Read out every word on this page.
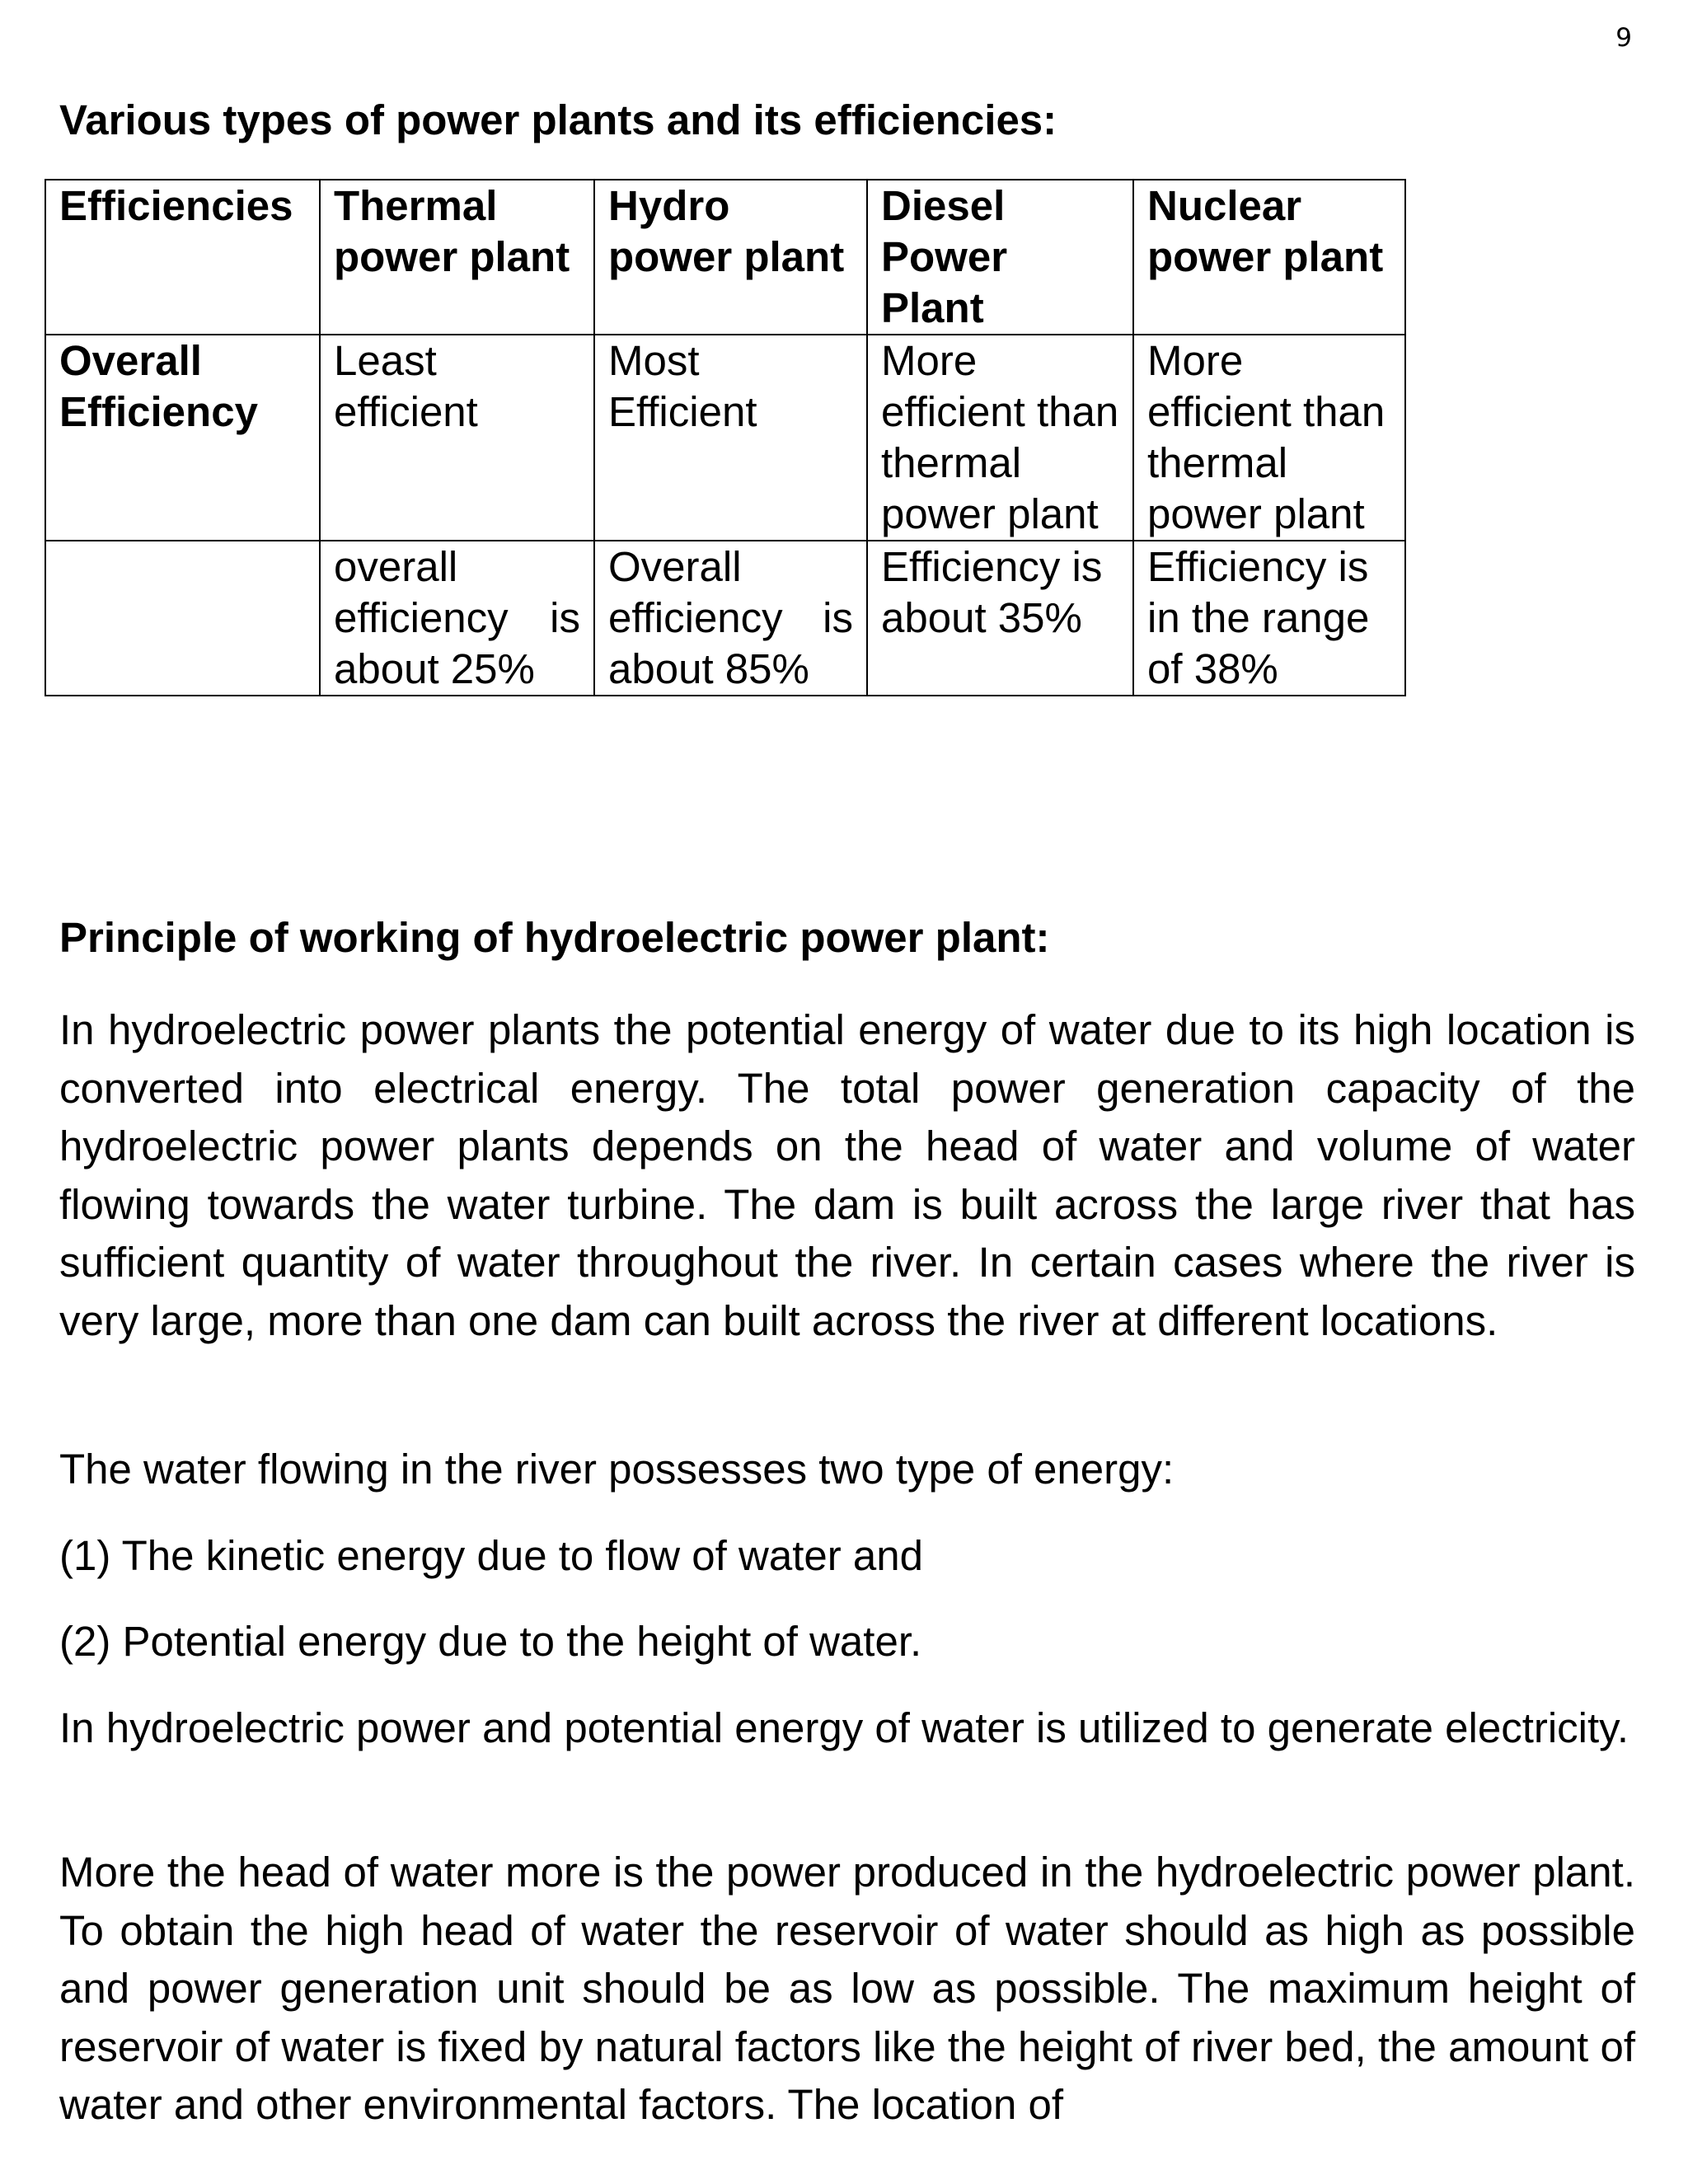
9
Various types of power plants and its efficiencies:
Efficiencies	Thermal power plant	Hydro power plant	Diesel Power Plant	Nuclear power plant
Overall Efficiency	Least efficient	Most Efficient	More efficient than thermal power plant	More efficient than thermal power plant
	overall efficiency is about 25%	Overall efficiency is about 85%	Efficiency is about 35%	Efficiency is in the range of 38%
Principle of working of hydroelectric power plant:

In hydroelectric power plants the potential energy of water due to its high location is converted into electrical energy. The total power generation capacity of the hydroelectric power plants depends on the head of water and volume of water flowing towards the water turbine. The dam is built across the large river that has sufficient quantity of water throughout the river. In certain cases where the river is very large, more than one dam can built across the river at different locations.

The water flowing in the river possesses two type of energy:

(1) The kinetic energy due to flow of water and

(2) Potential energy due to the height of water.

In hydroelectric power and potential energy of water is utilized to generate electricity.

More the head of water more is the power produced in the hydroelectric power plant. To obtain the high head of water the reservoir of water should as high as possible and power generation unit should be as low as possible. The maximum height of reservoir of water is fixed by natural factors like the height of river bed, the amount of water and other environmental factors. The location of
